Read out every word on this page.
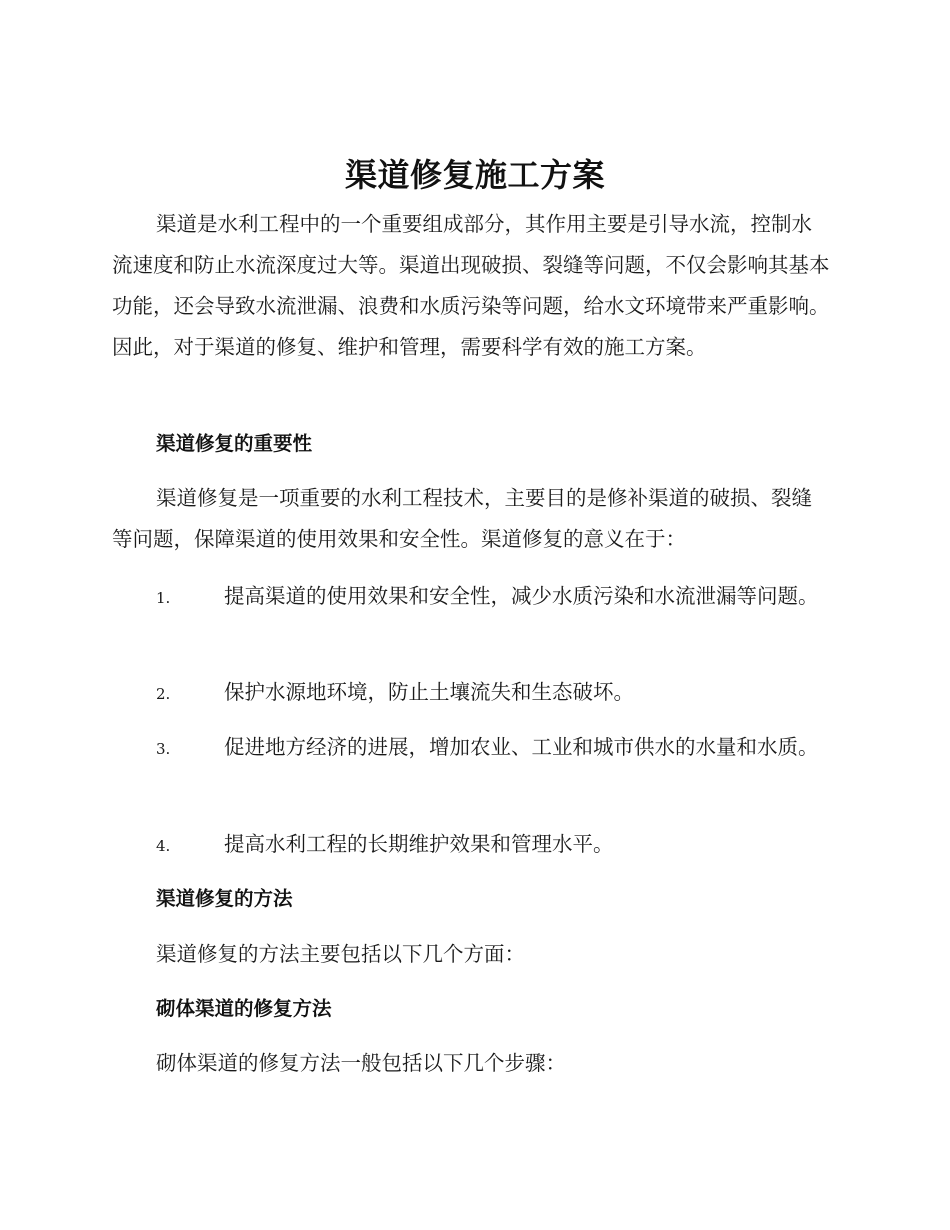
渠道修复施工方案

渠道是水利工程中的一个重要组成部分，其作用主要是引导水流，控制水流速度和防止水流深度过大等。渠道出现破损、裂缝等问题，不仅会影响其基本功能，还会导致水流泄漏、浪费和水质污染等问题，给水文环境带来严重影响。因此，对于渠道的修复、维护和管理，需要科学有效的施工方案。

渠道修复的重要性

渠道修复是一项重要的水利工程技术，主要目的是修补渠道的破损、裂缝等问题，保障渠道的使用效果和安全性。渠道修复的意义在于：

1.	提高渠道的使用效果和安全性，减少水质污染和水流泄漏等问题。
2.	保护水源地环境，防止土壤流失和生态破坏。
3.	促进地方经济的进展，增加农业、工业和城市供水的水量和水质。
4.	提高水利工程的长期维护效果和管理水平。
渠道修复的方法

渠道修复的方法主要包括以下几个方面：

砌体渠道的修复方法

砌体渠道的修复方法一般包括以下几个步骤：
